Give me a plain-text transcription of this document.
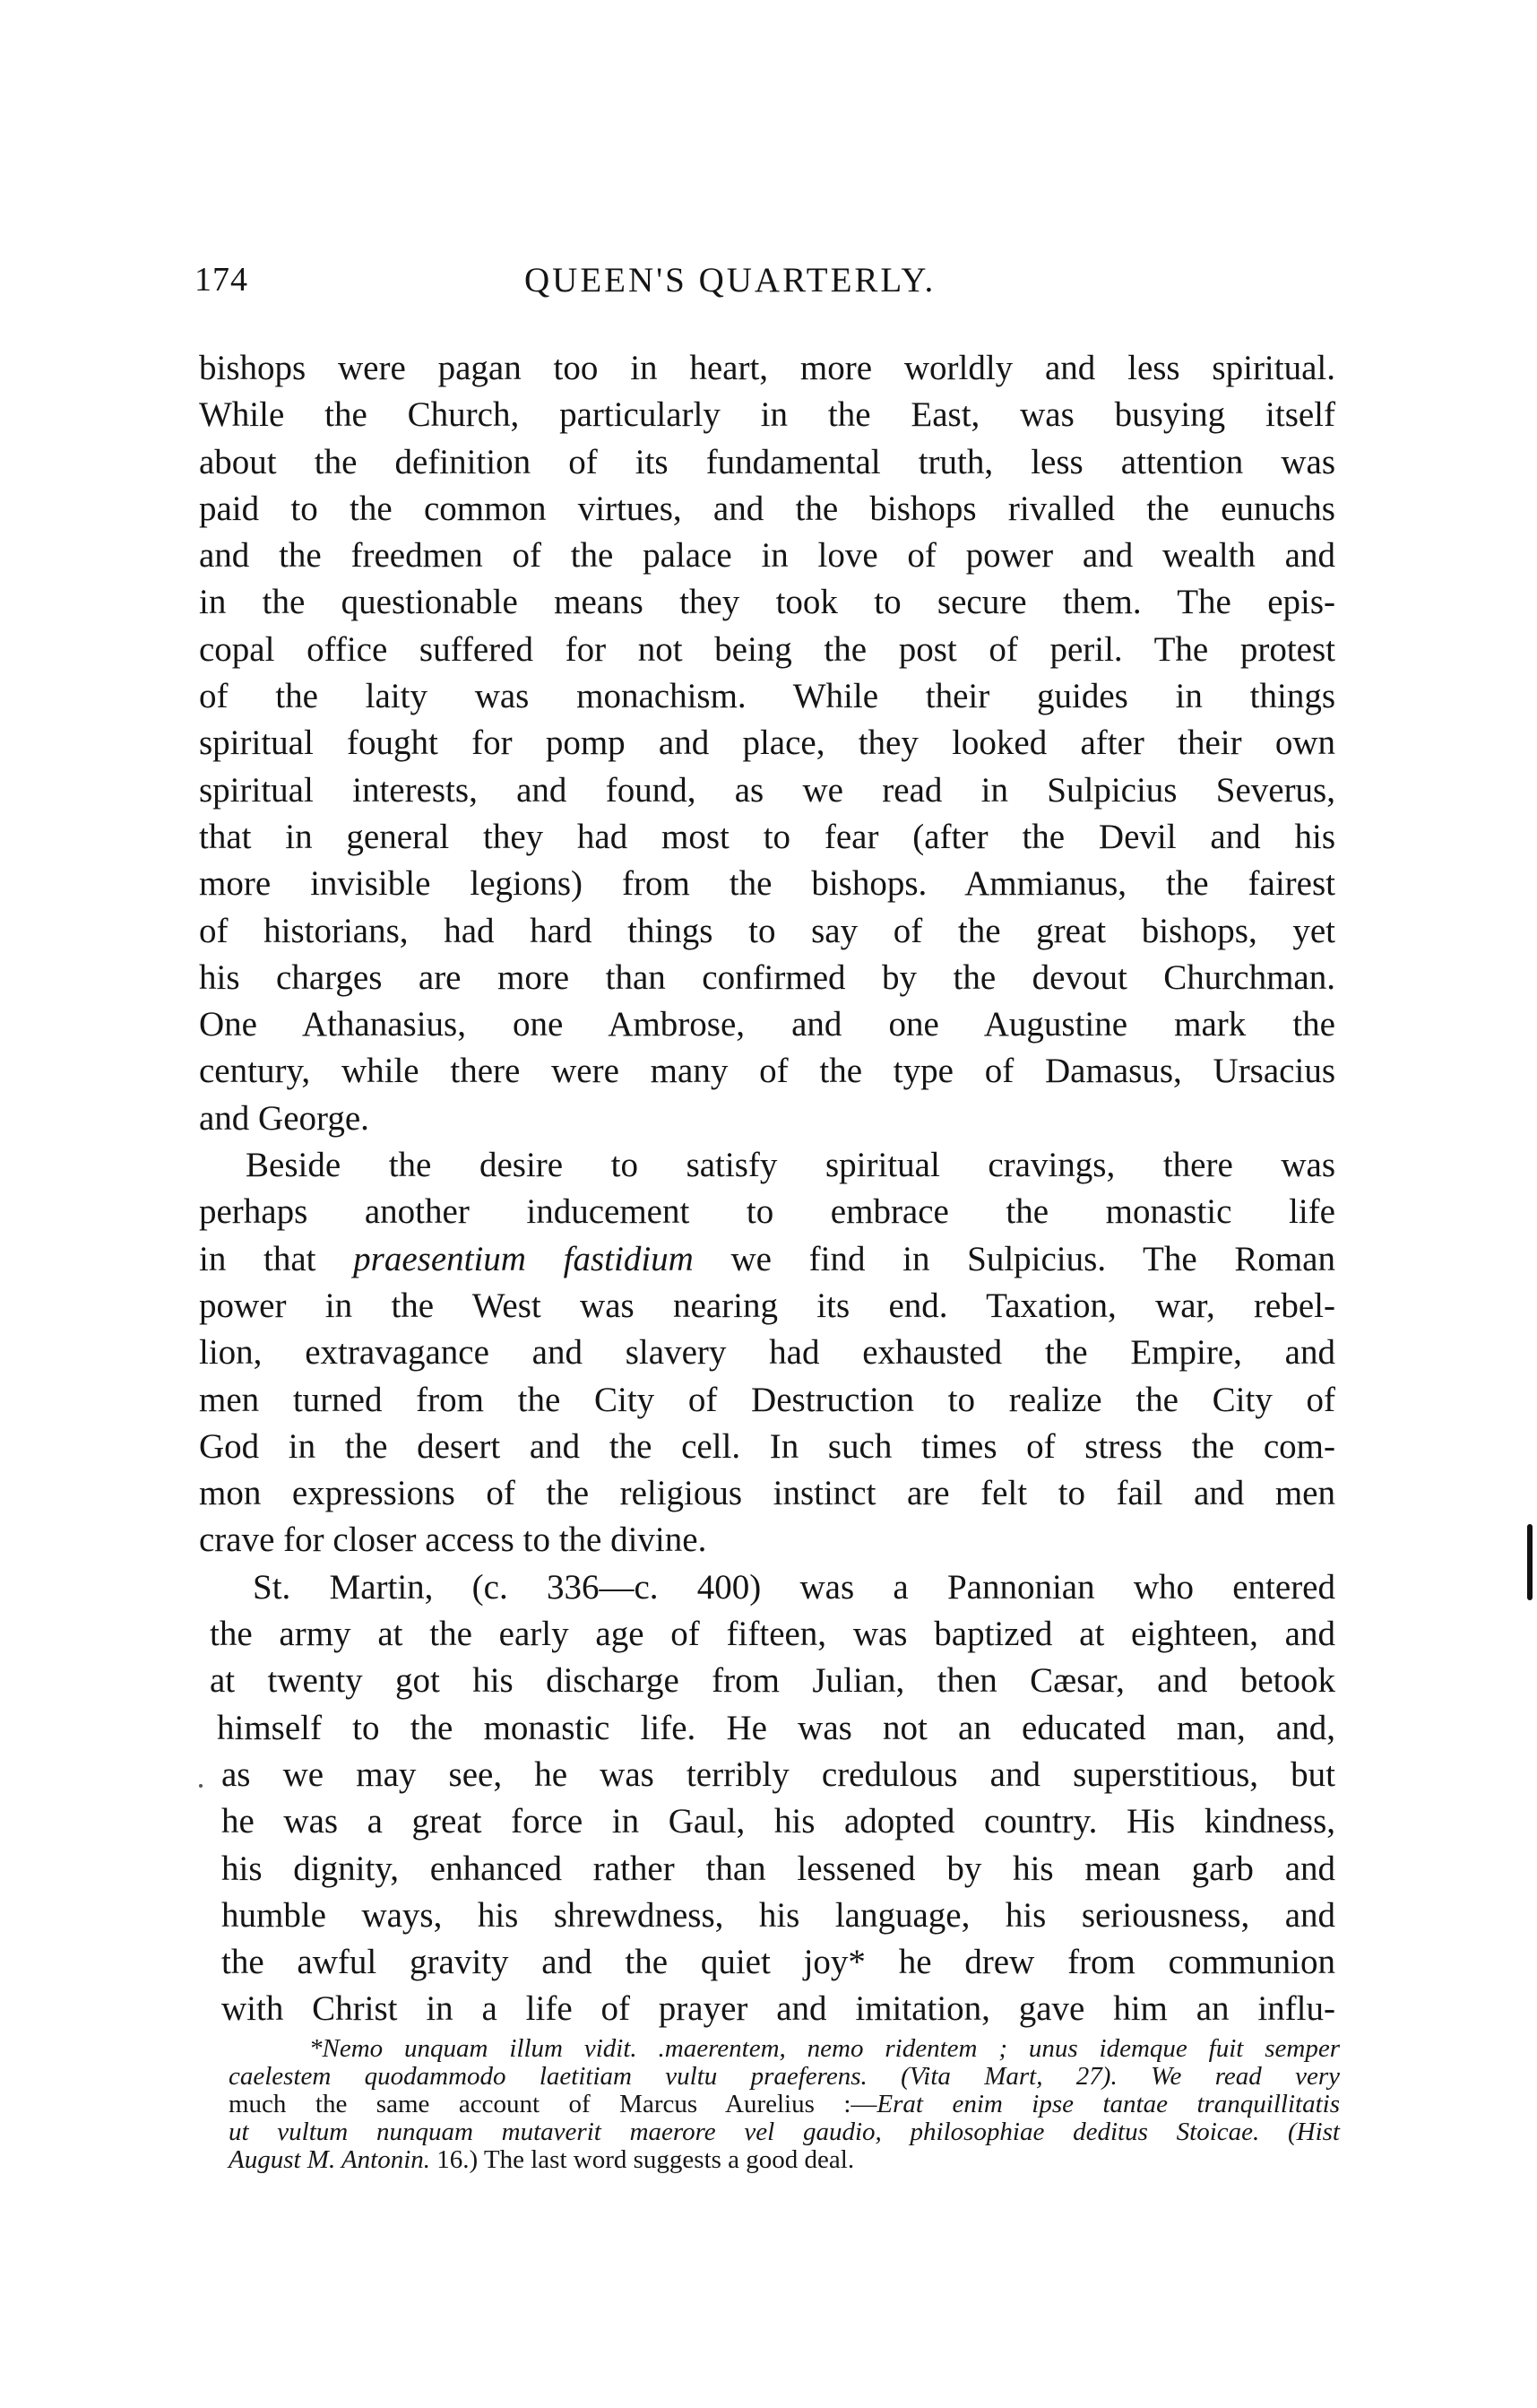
174	QUEEN'S QUARTERLY.
bishops were pagan too in heart, more worldly and less spiritual.
While the Church, particularly in the East, was busying itself
about the definition of its fundamental truth, less attention was
paid to the common virtues, and the bishops rivalled the eunuchs
and the freedmen of the palace in love of power and wealth and
in the questionable means they took to secure them. The epis-
copal office suffered for not being the post of peril. The protest
of the laity was monachism. While their guides in things
spiritual fought for pomp and place, they looked after their own
spiritual interests, and found, as we read in Sulpicius Severus,
that in general they had most to fear (after the Devil and his
more invisible legions) from the bishops. Ammianus, the fairest
of historians, had hard things to say of the great bishops, yet
his charges are more than confirmed by the devout Churchman.
One Athanasius, one Ambrose, and one Augustine mark the
century, while there were many of the type of Damasus, Ursacius
and George.
Beside the desire to satisfy spiritual cravings, there was
perhaps another inducement to embrace the monastic life
in that praesentium fastidium we find in Sulpicius. The Roman
power in the West was nearing its end. Taxation, war, rebel-
lion, extravagance and slavery had exhausted the Empire, and
men turned from the City of Destruction to realize the City of
God in the desert and the cell. In such times of stress the com-
mon expressions of the religious instinct are felt to fail and men
crave for closer access to the divine.
St. Martin, (c. 336—c. 400) was a Pannonian who entered
the army at the early age of fifteen, was baptized at eighteen, and
at twenty got his discharge from Julian, then Cæsar, and betook
himself to the monastic life. He was not an educated man, and,
as we may see, he was terribly credulous and superstitious, but
he was a great force in Gaul, his adopted country. His kindness,
his dignity, enhanced rather than lessened by his mean garb and
humble ways, his shrewdness, his language, his seriousness, and
the awful gravity and the quiet joy* he drew from communion
with Christ in a life of prayer and imitation, gave him an influ-
*Nemo unquam illum vidit. .maerentem, nemo ridentem ; unus idemque fuit semper
caelestem quodammodo laetitiam vultu praeferens. (Vita Mart, 27). We read very
much the same account of Marcus Aurelius :—Erat enim ipse tantae tranquillitatis
ut vultum nunquam mutaverit maerore vel gaudio, philosophiae deditus Stoicae. (Hist
August M. Antonin. 16.) The last word suggests a good deal.
